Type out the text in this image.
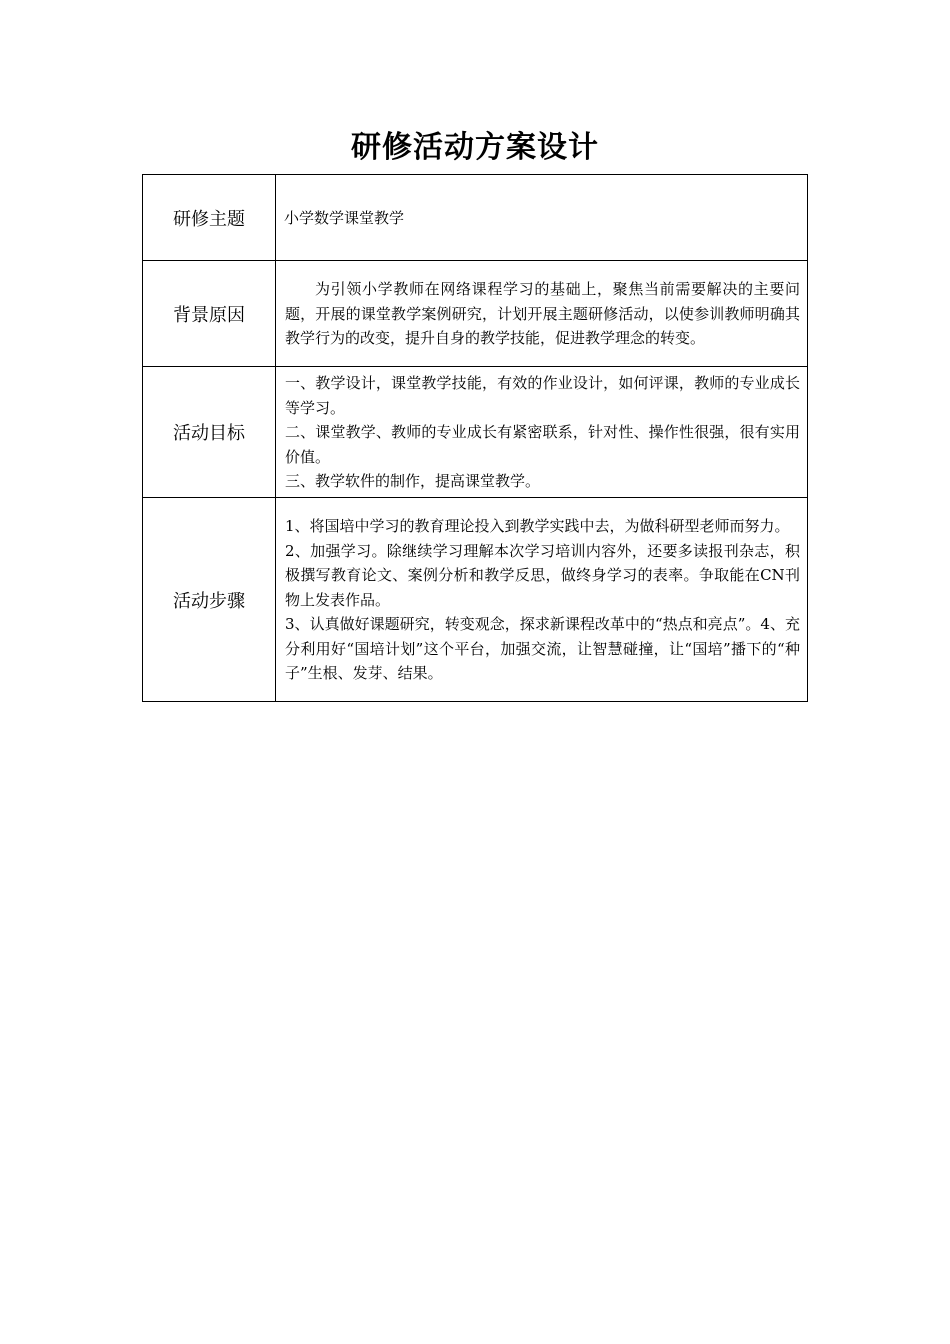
研修活动方案设计
研修主题	小学数学课堂教学

背景原因	为引领小学教师在网络课程学习的基础上，聚焦当前需要解决的主要问题，开展的课堂教学案例研究，计划开展主题研修活动，以使参训教师明确其教学行为的改变，提升自身的教学技能，促进教学理念的转变。

活动目标	一、教学设计，课堂教学技能，有效的作业设计，如何评课，教师的专业成长等学习。
二、课堂教学、教师的专业成长有紧密联系，针对性、操作性很强，很有实用价值。
三、教学软件的制作，提高课堂教学。

活动步骤	1、将国培中学习的教育理论投入到教学实践中去，为做科研型老师而努力。
2、加强学习。除继续学习理解本次学习培训内容外，还要多读报刊杂志，积极撰写教育论文、案例分析和教学反思，做终身学习的表率。争取能在CN刊物上发表作品。
3、认真做好课题研究，转变观念，探求新课程改革中的“热点和亮点”。4、充分利用好“国培计划”这个平台，加强交流，让智慧碰撞，让“国培”播下的“种子”生根、发芽、结果。
